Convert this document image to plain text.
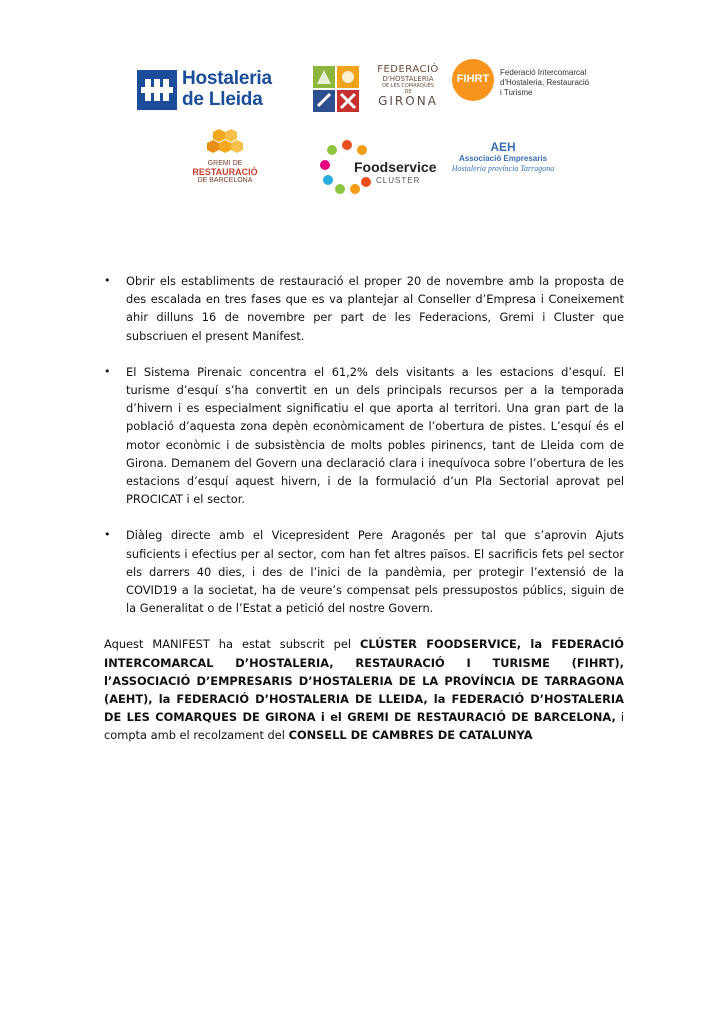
Hostaleria
de Lleida
FEDERACIÓ
D'HOSTALERIA
DE LES COMARQUES
DE
GIRONA
FIHRT
Federació Intercomarcal
d'Hostaleria, Restauració
i Turisme
GREMI DE
RESTAURACIÓ
DE BARCELONA
Foodservice
CLUSTER
AEH
Associació Empresaris
Hostaleria província Tarragona
• Obrir els establiments de restauració el proper 20 de novembre amb la proposta de des escalada en tres fases que es va plantejar al Conseller d’Empresa i Coneixement ahir dilluns 16 de novembre per part de les Federacions, Gremi i Cluster que subscriuen el present Manifest.
• El Sistema Pirenaic concentra el 61,2% dels visitants a les estacions d’esquí. El turisme d’esquí s’ha convertit en un dels principals recursos per a la temporada d’hivern i es especialment significatiu el que aporta al territori. Una gran part de la població d’aquesta zona depèn econòmicament de l’obertura de pistes. L’esquí és el motor econòmic i de subsistència de molts pobles pirinencs, tant de Lleida com de Girona. Demanem del Govern una declaració clara i inequívoca sobre l’obertura de les estacions d’esquí aquest hivern, i de la formulació d’un Pla Sectorial aprovat pel PROCICAT i el sector.
• Diàleg directe amb el Vicepresident Pere Aragonés per tal que s’aprovin Ajuts suficients i efectius per al sector, com han fet altres països. El sacrificis fets pel sector els darrers 40 dies, i des de l’inici de la pandèmia, per protegir l’extensió de la COVID19 a la societat, ha de veure’s compensat pels pressupostos públics, siguin de la Generalitat o de l’Estat a petició del nostre Govern.
Aquest MANIFEST ha estat subscrit pel CLÚSTER FOODSERVICE, la FEDERACIÓ INTERCOMARCAL D’HOSTALERIA, RESTAURACIÓ I TURISME (FIHRT), l’ASSOCIACIÓ D’EMPRESARIS D’HOSTALERIA DE LA PROVÍNCIA DE TARRAGONA (AEHT), la FEDERACIÓ D’HOSTALERIA DE LLEIDA, la FEDERACIÓ D’HOSTALERIA DE LES COMARQUES DE GIRONA i el GREMI DE RESTAURACIÓ DE BARCELONA, i compta amb el recolzament del CONSELL DE CAMBRES DE CATALUNYA
